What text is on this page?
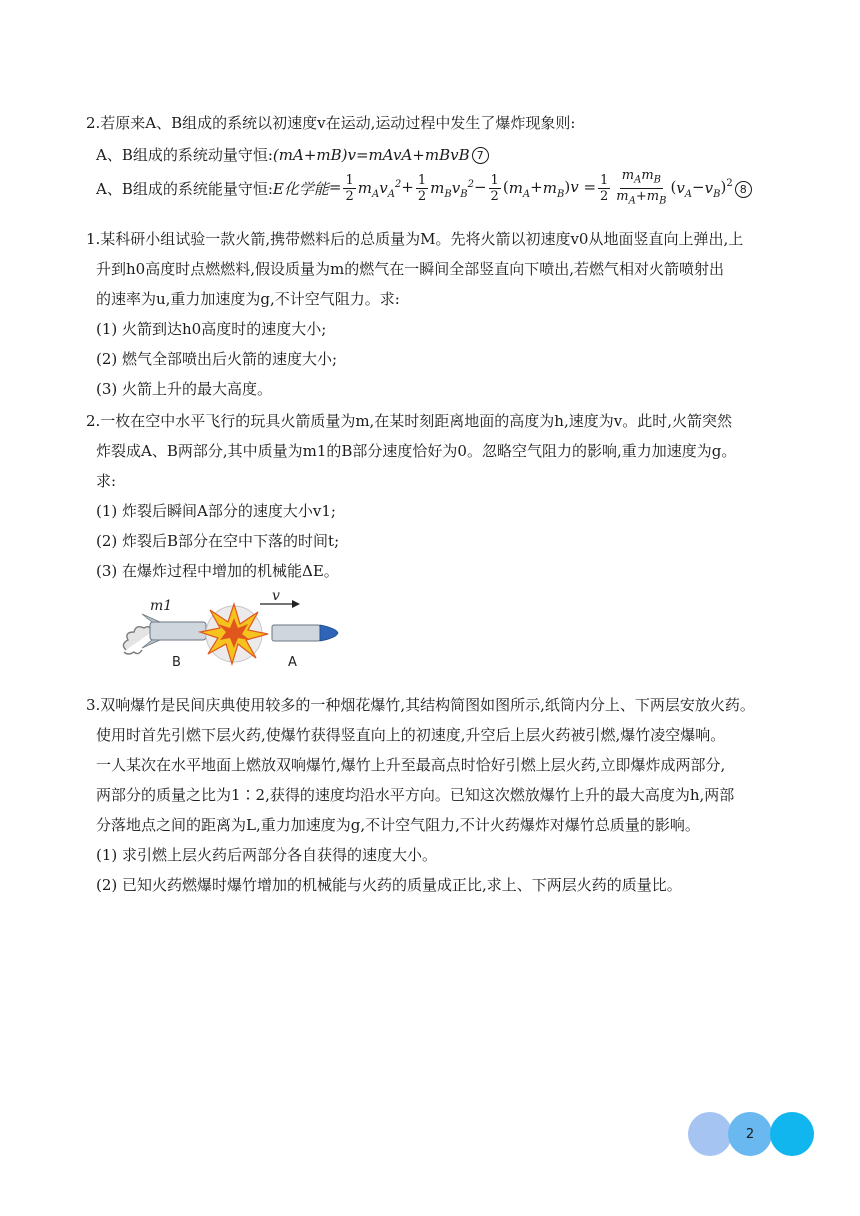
2.若原来A、B组成的系统以初速度v在运动,运动过程中发生了爆炸现象则:
A、B组成的系统动量守恒: (mA+mB)v=mAvA+mBvB 7
A、B组成的系统能量守恒: E化学能 = $\frac{1}{2} m_Av_A^2+ \frac{1}{2} m_Bv_B^2- \frac{1}{2} (m_A+m_B)v = \frac{1}{2} \frac{m_Am_B}{m_A+m_B} (v_A-v_B)^2$ 8
1.某科研小组试验一款火箭,携带燃料后的总质量为M。先将火箭以初速度v0从地面竖直向上弹出,上
升到h0高度时点燃燃料,假设质量为m的燃气在一瞬间全部竖直向下喷出,若燃气相对火箭喷射出
的速率为u,重力加速度为g,不计空气阻力。求:
(1) 火箭到达h0高度时的速度大小;
(2) 燃气全部喷出后火箭的速度大小;
(3) 火箭上升的最大高度。
2.一枚在空中水平飞行的玩具火箭质量为m,在某时刻距离地面的高度为h,速度为v。此时,火箭突然
炸裂成A、B两部分,其中质量为m1的B部分速度恰好为0。忽略空气阻力的影响,重力加速度为g。
求:
(1) 炸裂后瞬间A部分的速度大小v1;
(2) 炸裂后B部分在空中下落的时间t;
(3) 在爆炸过程中增加的机械能ΔE。
v
m1
B	A
3.双响爆竹是民间庆典使用较多的一种烟花爆竹,其结构简图如图所示,纸筒内分上、下两层安放火药。
使用时首先引燃下层火药,使爆竹获得竖直向上的初速度,升空后上层火药被引燃,爆竹凌空爆响。
一人某次在水平地面上燃放双响爆竹,爆竹上升至最高点时恰好引燃上层火药,立即爆炸成两部分,
两部分的质量之比为1∶2,获得的速度均沿水平方向。已知这次燃放爆竹上升的最大高度为h,两部
分落地点之间的距离为L,重力加速度为g,不计空气阻力,不计火药爆炸对爆竹总质量的影响。
(1) 求引燃上层火药后两部分各自获得的速度大小。
(2) 已知火药燃爆时爆竹增加的机械能与火药的质量成正比,求上、下两层火药的质量比。
2
